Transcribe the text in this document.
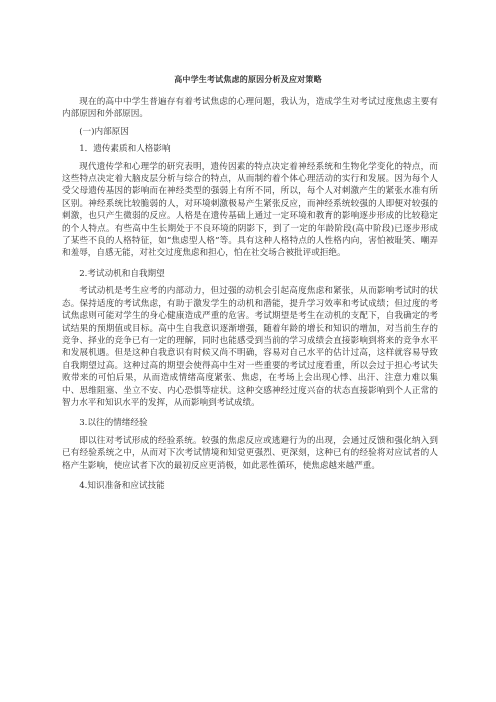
高中学生考试焦虑的原因分析及应对策略

现在的高中中学生普遍存有着考试焦虑的心理问题，我认为，造成学生对考试过度焦虑主要有内部原因和外部原因。

(一)内部原因

1．遗传素质和人格影响

现代遗传学和心理学的研究表明，遗传因素的特点决定着神经系统和生物化学变化的特点，而这些特点决定着大脑皮层分析与综合的特点，从而制约着个体心理活动的实行和发展。因为每个人受父母遗传基因的影响而在神经类型的强弱上有所不同，所以，每个人对刺激产生的紧张水准有所区别。神经系统比较脆弱的人，对环境刺激极易产生紧张反应，而神经系统较强的人即便对较强的刺激，也只产生微弱的反应。人格是在遗传基础上通过一定环境和教育的影响逐步形成的比较稳定的个人特点。有些高中生长期处于不良环境的阴影下，到了一定的年龄阶段(高中阶段)已逐步形成了某些不良的人格特征，如“焦虑型人格”等。具有这种人格特点的人性格内向，害怕被耻笑、嘲弄和羞辱，自感无能，对社交过度焦虑和担心，怕在社交场合被批评或拒绝。

2.考试动机和自我期望

考试动机是考生应考的内部动力，但过强的动机会引起高度焦虑和紧张，从而影响考试时的状态。保持适度的考试焦虑，有助于激发学生的动机和潜能，提升学习效率和考试成绩；但过度的考试焦虑则可能对学生的身心健康造成严重的危害。考试期望是考生在动机的支配下，自我确定的考试结果的预期值或目标。高中生自我意识逐渐增强，随着年龄的增长和知识的增加，对当前生存的竞争、择业的竞争已有一定的理解，同时也能感受到当前的学习成绩会直接影响到将来的竞争水平和发展机遇。但是这种自我意识有时候又尚不明确，容易对自己水平的估计过高，这样就容易导致自我期望过高。这种过高的期望会使得高中生对一些重要的考试过度看重，所以会过于担心考试失败带来的可怕后果，从而造成情绪高度紧张、焦虑，在考场上会出现心悸、出汗、注意力难以集中、思维阻塞、坐立不安、内心恐惧等症状。这种交感神经过度兴奋的状态直接影响到个人正常的智力水平和知识水平的发挥，从而影响到考试成绩。

3.以往的情绪经验

即以往对考试形成的经验系统。较强的焦虑反应或逃避行为的出现，会通过反馈和强化纳入到已有经验系统之中，从而对下次考试情境和知觉更强烈、更深刻，这种已有的经验将对应试者的人格产生影响，使应试者下次的最初反应更消极，如此恶性循环，使焦虑越来越严重。

4.知识准备和应试技能
